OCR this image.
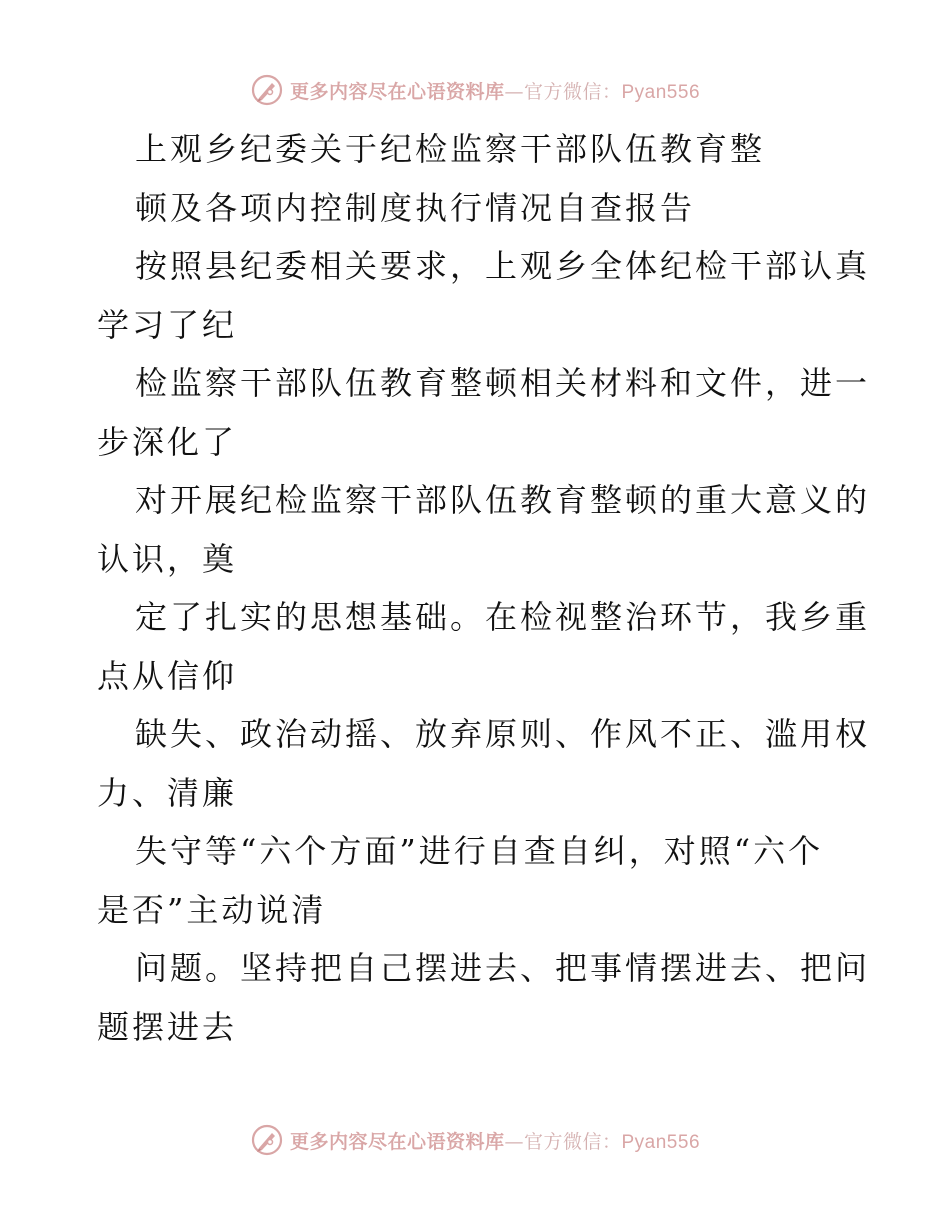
更多内容尽在心语资料库—官方微信：Pyan556
上观乡纪委关于纪检监察干部队伍教育整
顿及各项内控制度执行情况自查报告
按照县纪委相关要求，上观乡全体纪检干部认真
学习了纪
检监察干部队伍教育整顿相关材料和文件，进一
步深化了
对开展纪检监察干部队伍教育整顿的重大意义的
认识，奠
定了扎实的思想基础。在检视整治环节，我乡重
点从信仰
缺失、政治动摇、放弃原则、作风不正、滥用权
力、清廉
失守等“六个方面”进行自查自纠，对照“六个
是否”主动说清
问题。坚持把自己摆进去、把事情摆进去、把问
题摆进去
更多内容尽在心语资料库—官方微信：Pyan556
